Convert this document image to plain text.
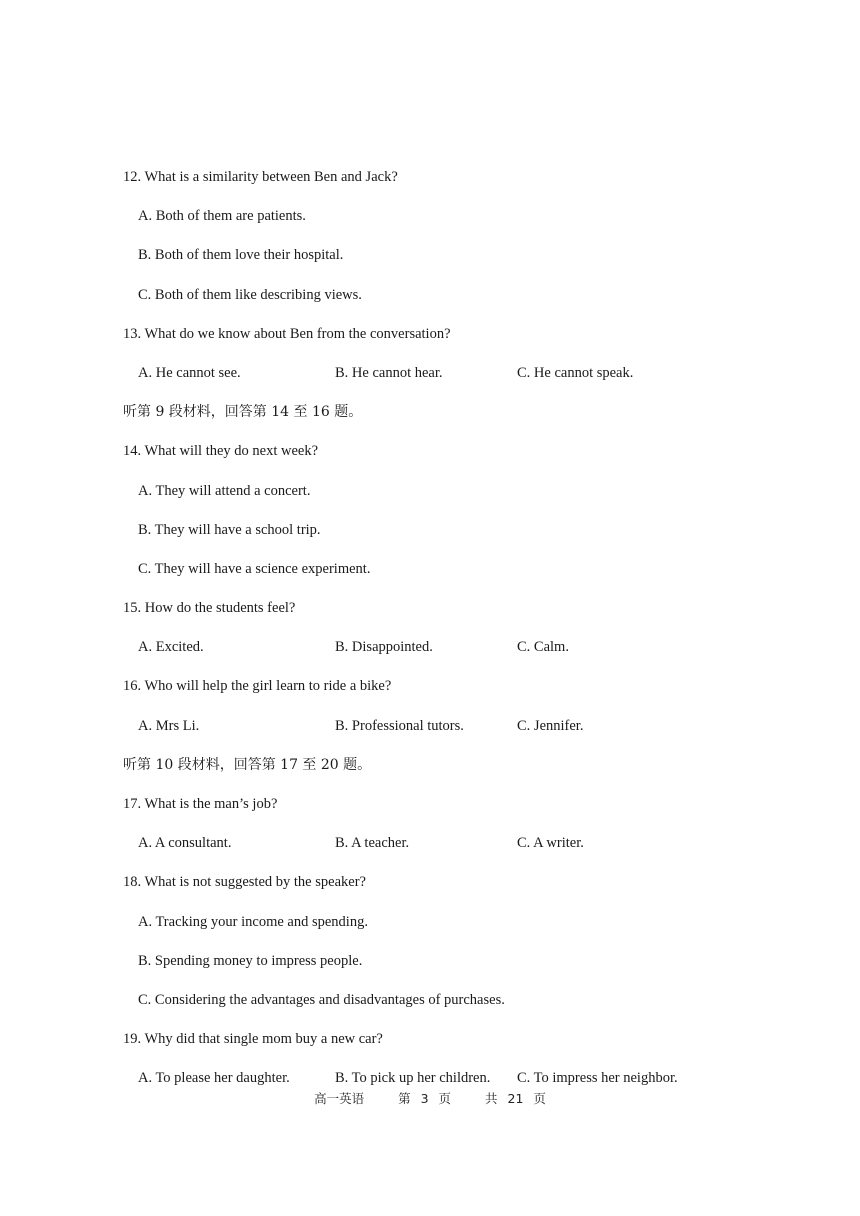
12. What is a similarity between Ben and Jack?
A. Both of them are patients.
B. Both of them love their hospital.
C. Both of them like describing views.
13. What do we know about Ben from the conversation?
A. He cannot see.	B. He cannot hear.	C. He cannot speak.
听第 9 段材料，回答第 14 至 16 题。
14. What will they do next week?
A. They will attend a concert.
B. They will have a school trip.
C. They will have a science experiment.
15. How do the students feel?
A. Excited.	B. Disappointed.	C. Calm.
16. Who will help the girl learn to ride a bike?
A. Mrs Li.	B. Professional tutors.	C. Jennifer.
听第 10 段材料，回答第 17 至 20 题。
17. What is the man’s job?
A. A consultant.	B. A teacher.	C. A writer.
18. What is not suggested by the speaker?
A. Tracking your income and spending.
B. Spending money to impress people.
C. Considering the advantages and disadvantages of purchases.
19. Why did that single mom buy a new car?
A. To please her daughter.	B. To pick up her children. C. To impress her neighbor.
高一英语	第 3 页	共 21 页
